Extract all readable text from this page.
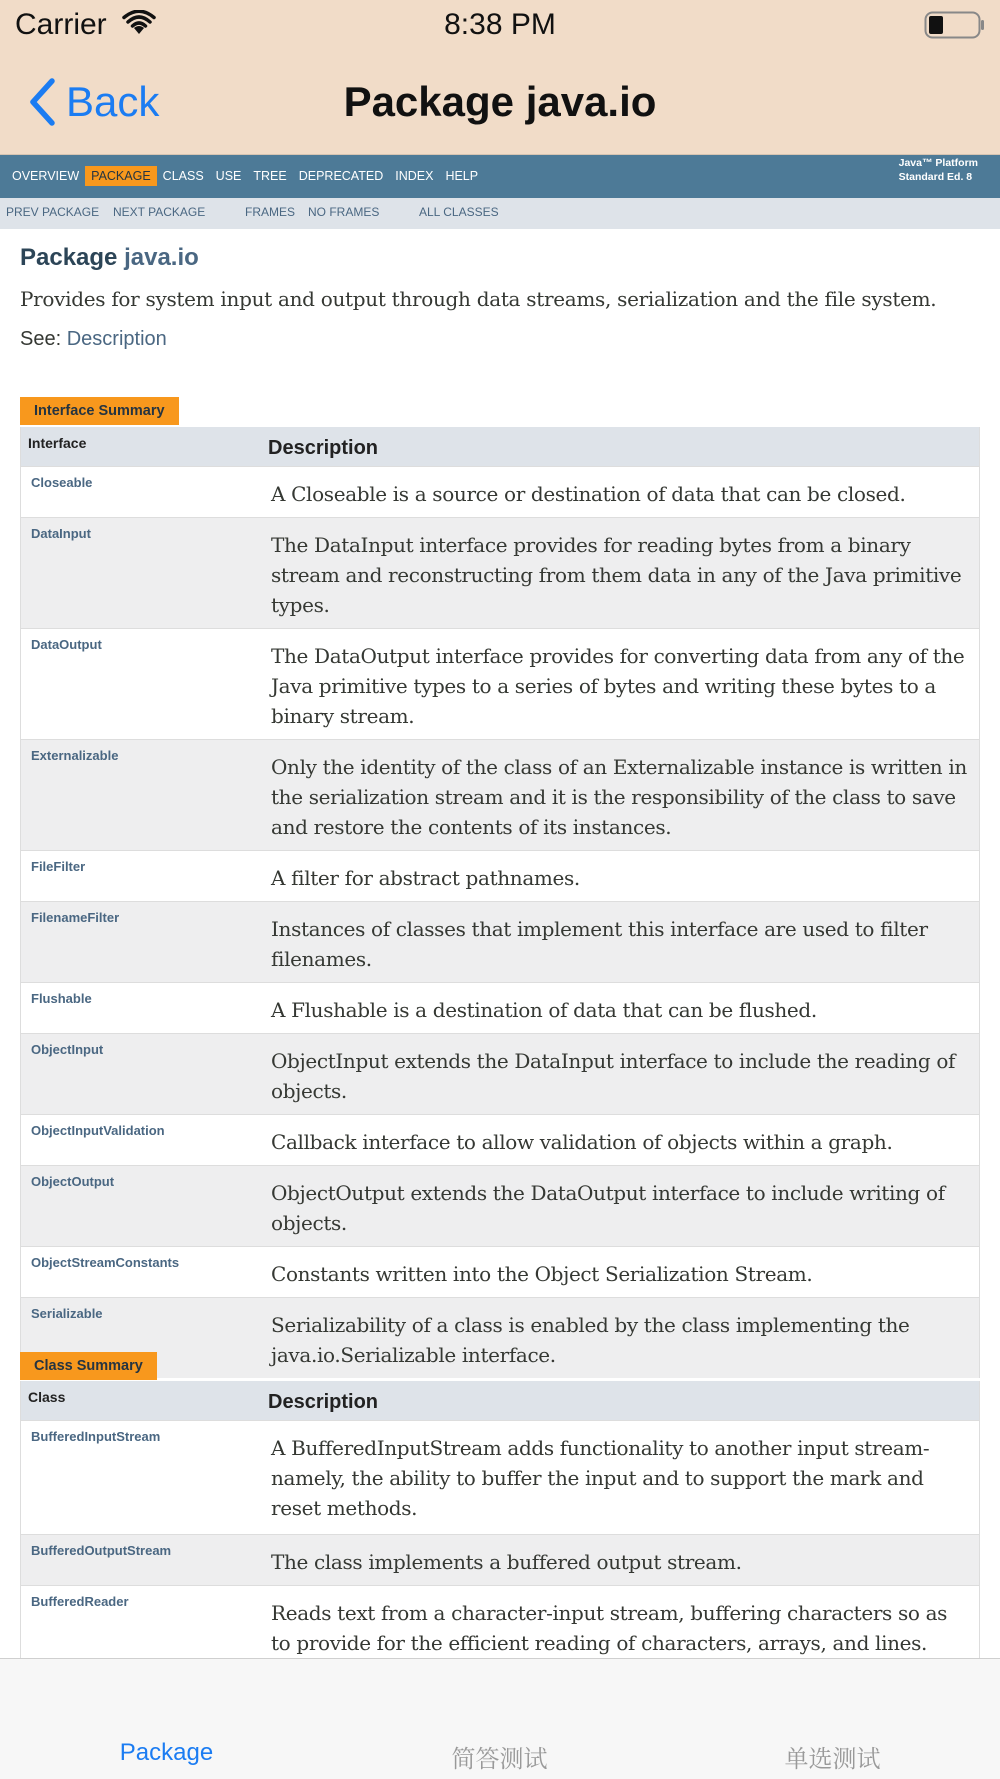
Carrier	8:38 PM
Back	Package java.io
OVERVIEW PACKAGE CLASS USE TREE DEPRECATED INDEX HELP
Java™ Platform
Standard Ed. 8
PREV PACKAGE NEXT PACKAGE	FRAMES NO FRAMES	ALL CLASSES
Package java.io
Provides for system input and output through data streams, serialization and the file system.
See: Description
Interface Summary
Interface	Description
Closeable	A Closeable is a source or destination of data that can be closed.
DataInput	The DataInput interface provides for reading bytes from a binary stream and reconstructing from them data in any of the Java primitive types.
DataOutput	The DataOutput interface provides for converting data from any of the Java primitive types to a series of bytes and writing these bytes to a binary stream.
Externalizable	Only the identity of the class of an Externalizable instance is written in the serialization stream and it is the responsibility of the class to save and restore the contents of its instances.
FileFilter	A filter for abstract pathnames.
FilenameFilter	Instances of classes that implement this interface are used to filter filenames.
Flushable	A Flushable is a destination of data that can be flushed.
ObjectInput	ObjectInput extends the DataInput interface to include the reading of objects.
ObjectInputValidation	Callback interface to allow validation of objects within a graph.
ObjectOutput	ObjectOutput extends the DataOutput interface to include writing of objects.
ObjectStreamConstants	Constants written into the Object Serialization Stream.
Serializable	Serializability of a class is enabled by the class implementing the java.io.Serializable interface.
Class Summary
Class	Description
BufferedInputStream	A BufferedInputStream adds functionality to another input stream-namely, the ability to buffer the input and to support the mark and reset methods.
BufferedOutputStream	The class implements a buffered output stream.
BufferedReader	Reads text from a character-input stream, buffering characters so as to provide for the efficient reading of characters, arrays, and lines.
Package	简答测试	单选测试
